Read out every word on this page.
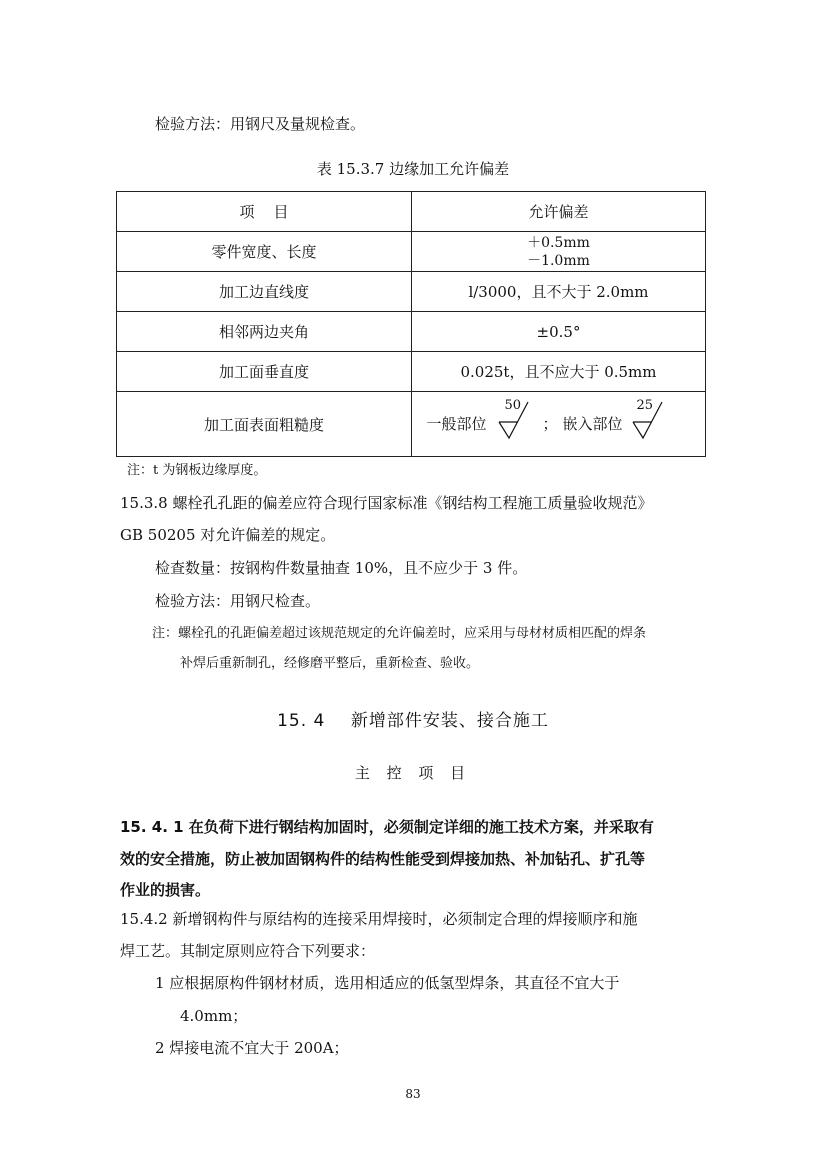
检验方法：用钢尺及量规检查。
表 15.3.7 边缘加工允许偏差
项    目	允许偏差
零件宽度、长度	＋0.5mm
－1.0mm

加工边直线度	l/3000，且不大于 2.0mm
相邻两边夹角	±0.5°
加工面垂直度	0.025t，且不应大于 0.5mm
加工面表面粗糙度	一般部位
50
； 嵌入部位
25
注：t 为钢板边缘厚度。
15.3.8 螺栓孔孔距的偏差应符合现行国家标准《钢结构工程施工质量验收规范》
GB 50205 对允许偏差的规定。
检查数量：按钢构件数量抽查 10%，且不应少于 3 件。
检验方法：用钢尺检查。
注：螺栓孔的孔距偏差超过该规范规定的允许偏差时，应采用与母材材质相匹配的焊条
补焊后重新制孔，经修磨平整后，重新检查、验收。
15. 4    新增部件安装、接合施工
主 控 项 目
15. 4. 1 在负荷下进行钢结构加固时，必须制定详细的施工技术方案，并采取有
效的安全措施，防止被加固钢构件的结构性能受到焊接加热、补加钻孔、扩孔等
作业的损害。
15.4.2 新增钢构件与原结构的连接采用焊接时，必须制定合理的焊接顺序和施
焊工艺。其制定原则应符合下列要求：
1 应根据原构件钢材材质，选用相适应的低氢型焊条，其直径不宜大于
4.0mm；
2 焊接电流不宜大于 200A；
83
